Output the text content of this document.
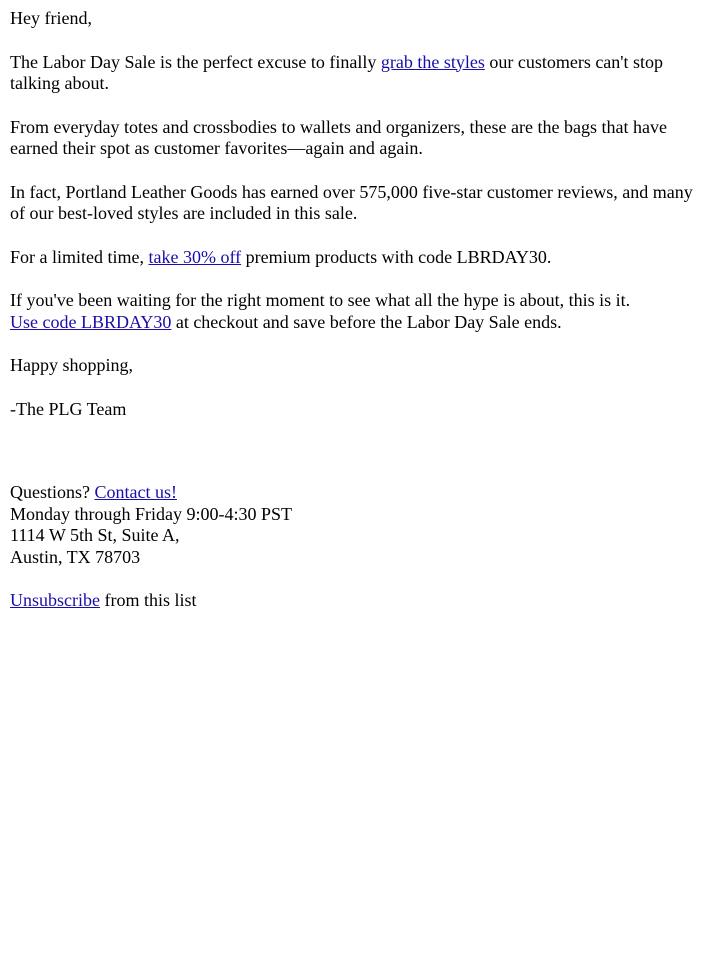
Hey friend,

The Labor Day Sale is the perfect excuse to finally grab the styles our customers can't stop talking about.

From everyday totes and crossbodies to wallets and organizers, these are the bags that have earned their spot as customer favorites—again and again.

In fact, Portland Leather Goods has earned over 575,000 five-star customer reviews, and many of our best-loved styles are included in this sale.

For a limited time, take 30% off premium products with code LBRDAY30.

If you've been waiting for the right moment to see what all the hype is about, this is it.
Use code LBRDAY30 at checkout and save before the Labor Day Sale ends.

Happy shopping,

-The PLG Team

Questions? Contact us!
Monday through Friday 9:00-4:30 PST
1114 W 5th St, Suite A,
Austin, TX 78703

Unsubscribe from this list
